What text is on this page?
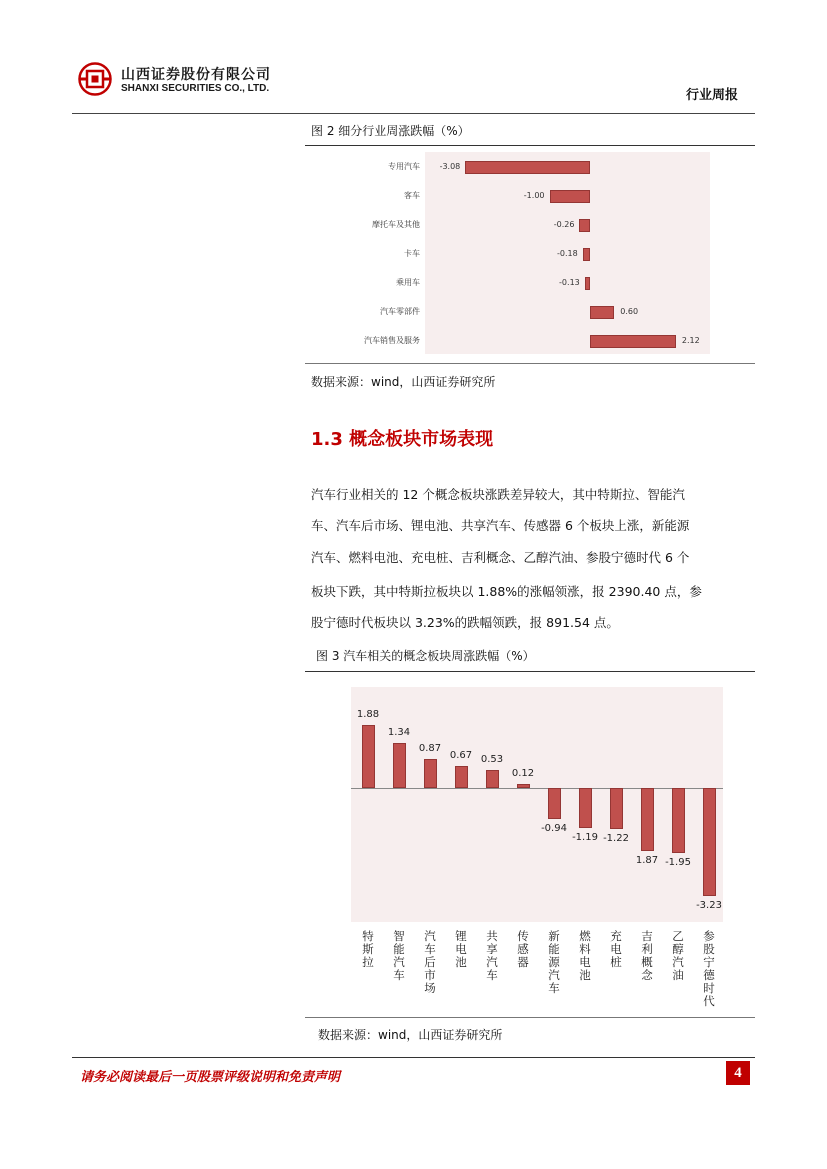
山西证券股份有限公司
SHANXI SECURITIES CO., LTD.	行业周报
图 2 细分行业周涨跌幅（%）
专用汽车 -3.08
客车	-1.00
摩托车及其他	-0.26
卡车	-0.18
乘用车	-0.13
汽车零部件	0.60
汽车销售及服务	2.12
数据来源：wind，山西证券研究所
1.3 概念板块市场表现
汽车行业相关的 12 个概念板块涨跌差异较大，其中特斯拉、智能汽
车、汽车后市场、锂电池、共享汽车、传感器 6 个板块上涨，新能源
汽车、燃料电池、充电桩、吉利概念、乙醇汽油、参股宁德时代 6 个
板块下跌，其中特斯拉板块以 1.88%的涨幅领涨，报 2390.40 点，参
股宁德时代板块以 3.23%的跌幅领跌，报 891.54 点。
图 3 汽车相关的概念板块周涨跌幅（%）
1.88
特斯拉
1.34
智能汽车
0.87
汽车后市场
0.67
锂电池
0.53
共享汽车
0.12
传感器
-0.94
新能源汽车
-1.19
燃料电池
-1.22
充电桩
1.87
吉利概念
-1.95
乙醇汽油
-3.23
参股宁德时代
数据来源：wind，山西证券研究所
请务必阅读最后一页股票评级说明和免责声明	4
